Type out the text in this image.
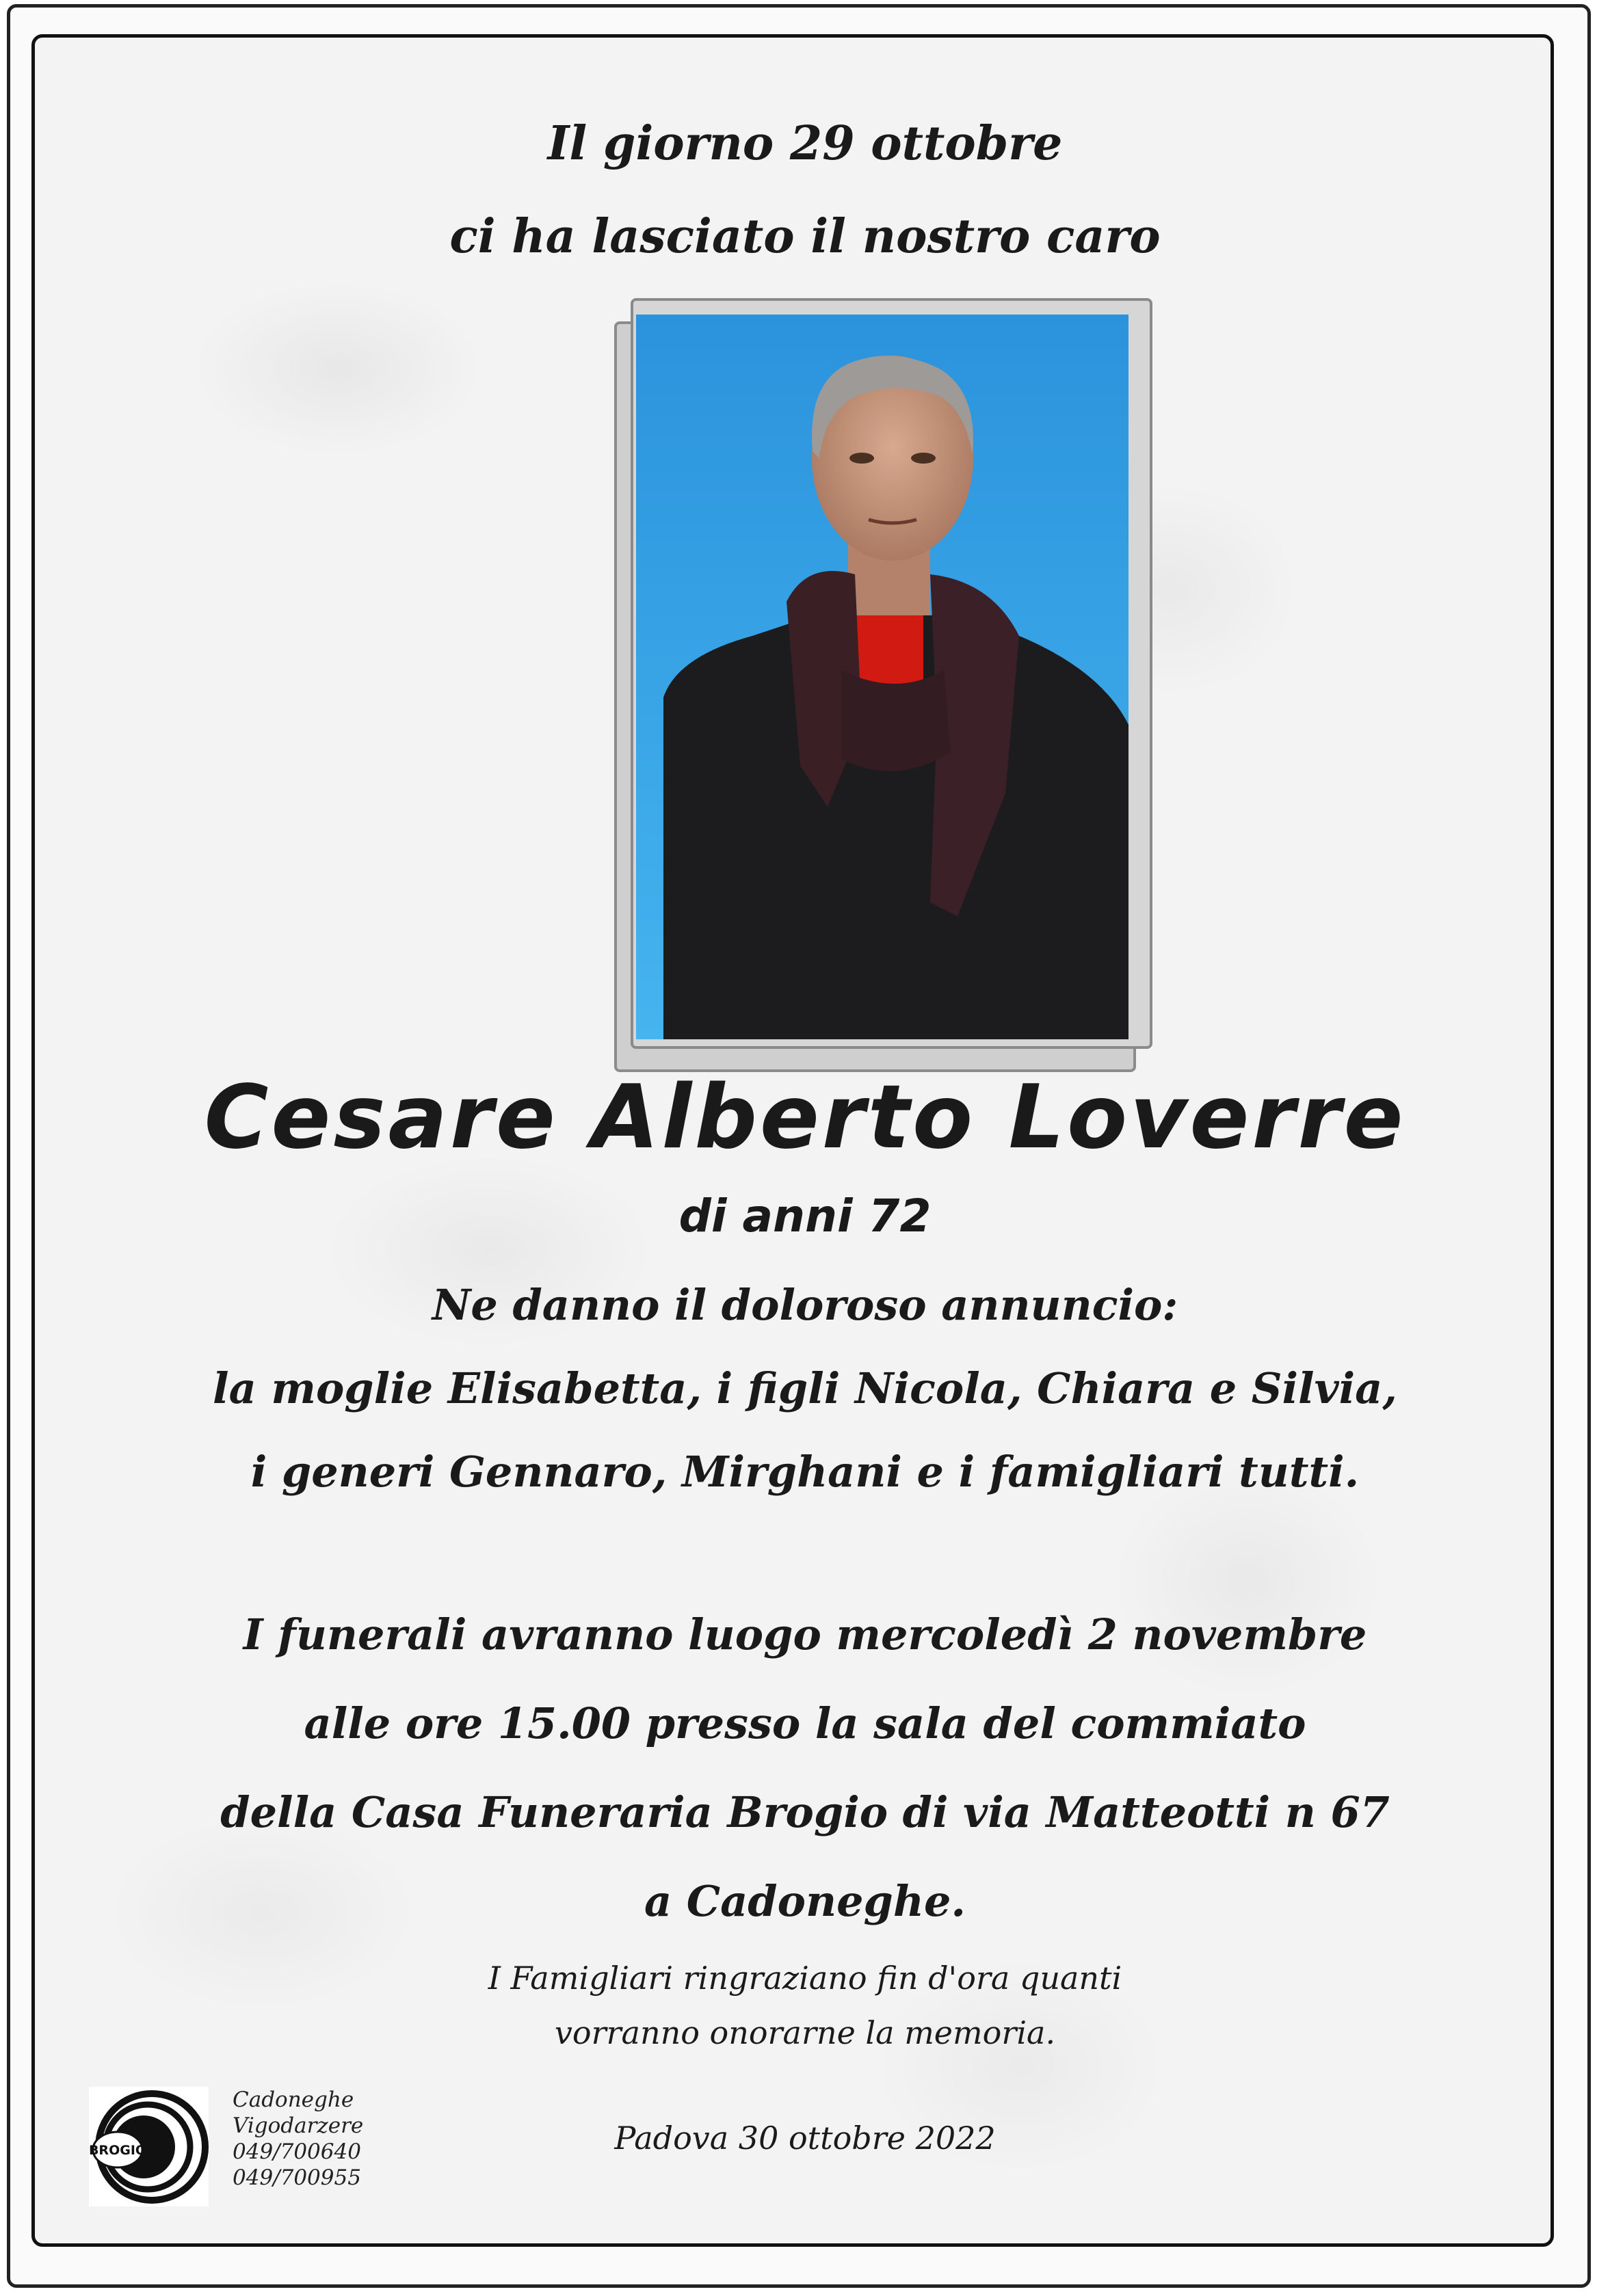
Il giorno 29 ottobre
ci ha lasciato il nostro caro
Cesare Alberto Loverre
di anni 72
Ne danno il doloroso annuncio:
la moglie Elisabetta, i figli Nicola, Chiara e Silvia,
i generi Gennaro, Mirghani e i famigliari tutti.
I funerali avranno luogo mercoledì 2 novembre
alle ore 15.00 presso la sala del commiato
della Casa Funeraria Brogio di via Matteotti n 67
a Cadoneghe.
I Famigliari ringraziano fin d'ora quanti
vorranno onorarne la memoria.
Padova 30 ottobre 2022
BROGIO
Cadoneghe
Vigodarzere
049/700640
049/700955
